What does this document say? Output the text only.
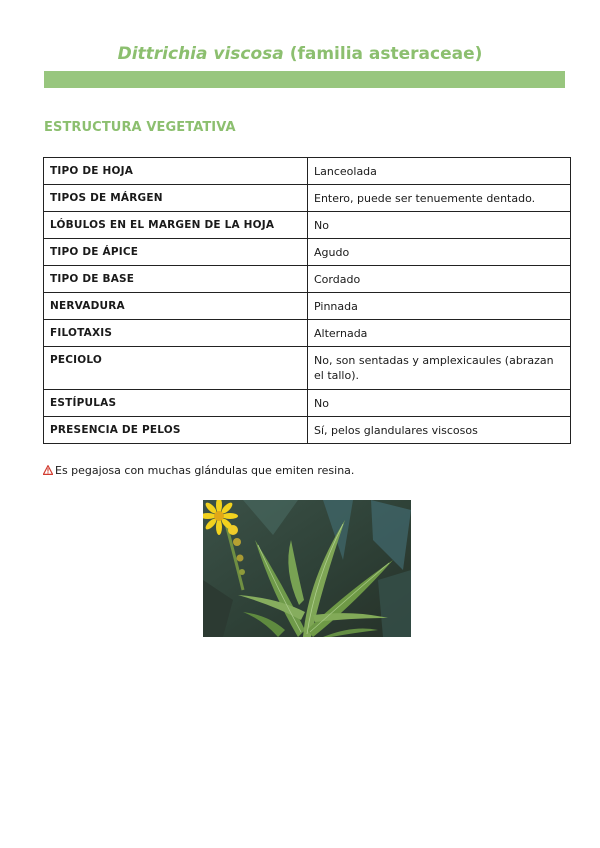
Dittrichia viscosa (familia asteraceae)
ESTRUCTURA VEGETATIVA
TIPO DE HOJA	Lanceolada
TIPOS DE MÁRGEN	Entero, puede ser tenuemente dentado.
LÓBULOS EN EL MARGEN DE LA HOJA	No
TIPO DE ÁPICE	Agudo
TIPO DE BASE	Cordado
NERVADURA	Pinnada
FILOTAXIS	Alternada
PECIOLO	No, son sentadas y amplexicaules (abrazan el tallo).
ESTÍPULAS	No
PRESENCIA DE PELOS	Sí, pelos glandulares viscosos
Es pegajosa con muchas glándulas que emiten resina.
